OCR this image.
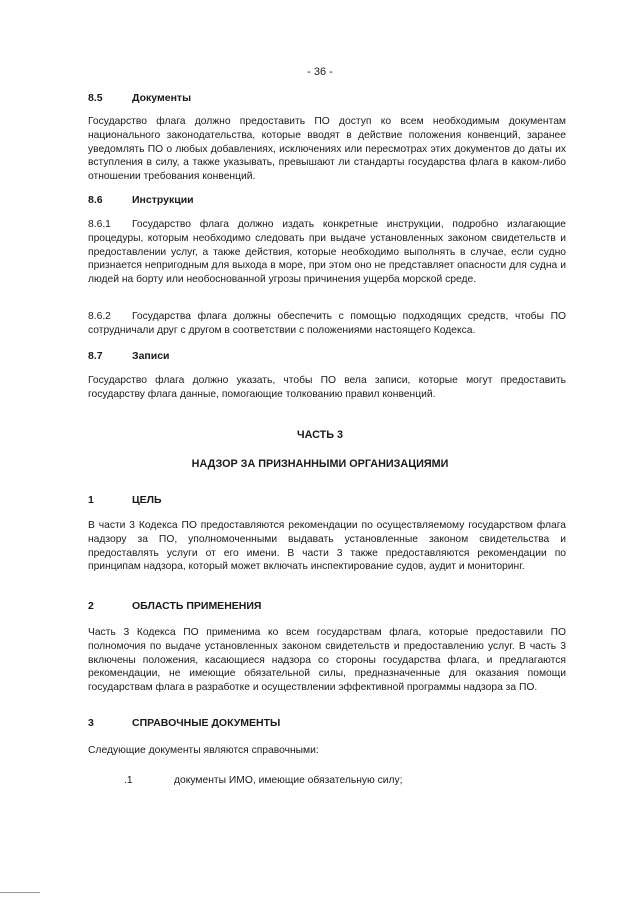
- 36 -
8.5	Документы
Государство флага должно предоставить ПО доступ ко всем необходимым документам национального законодательства, которые вводят в действие положения конвенций, заранее уведомлять ПО о любых добавлениях, исключениях или пересмотрах этих документов до даты их вступления в силу, а также указывать, превышают ли стандарты государства флага в каком-либо отношении требования конвенций.
8.6	Инструкции
8.6.1 Государство флага должно издать конкретные инструкции, подробно излагающие процедуры, которым необходимо следовать при выдаче установленных законом свидетельств и предоставлении услуг, а также действия, которые необходимо выполнять в случае, если судно признается непригодным для выхода в море, при этом оно не представляет опасности для судна и людей на борту или необоснованной угрозы причинения ущерба морской среде.
8.6.2 Государства флага должны обеспечить с помощью подходящих средств, чтобы ПО сотрудничали друг с другом в соответствии с положениями настоящего Кодекса.
8.7	Записи
Государство флага должно указать, чтобы ПО вела записи, которые могут предоставить государству флага данные, помогающие толкованию правил конвенций.
ЧАСТЬ 3
НАДЗОР ЗА ПРИЗНАННЫМИ ОРГАНИЗАЦИЯМИ
1	ЦЕЛЬ
В части 3 Кодекса ПО предоставляются рекомендации по осуществляемому государством флага надзору за ПО, уполномоченными выдавать установленные законом свидетельства и предоставлять услуги от его имени. В части 3 также предоставляются рекомендации по принципам надзора, который может включать инспектирование судов, аудит и мониторинг.
2	ОБЛАСТЬ ПРИМЕНЕНИЯ
Часть 3 Кодекса ПО применима ко всем государствам флага, которые предоставили ПО полномочия по выдаче установленных законом свидетельств и предоставлению услуг. В часть 3 включены положения, касающиеся надзора со стороны государства флага, и предлагаются рекомендации, не имеющие обязательной силы, предназначенные для оказания помощи государствам флага в разработке и осуществлении эффективной программы надзора за ПО.
3	СПРАВОЧНЫЕ ДОКУМЕНТЫ
Следующие документы являются справочными:
.1	документы ИМО, имеющие обязательную силу;
